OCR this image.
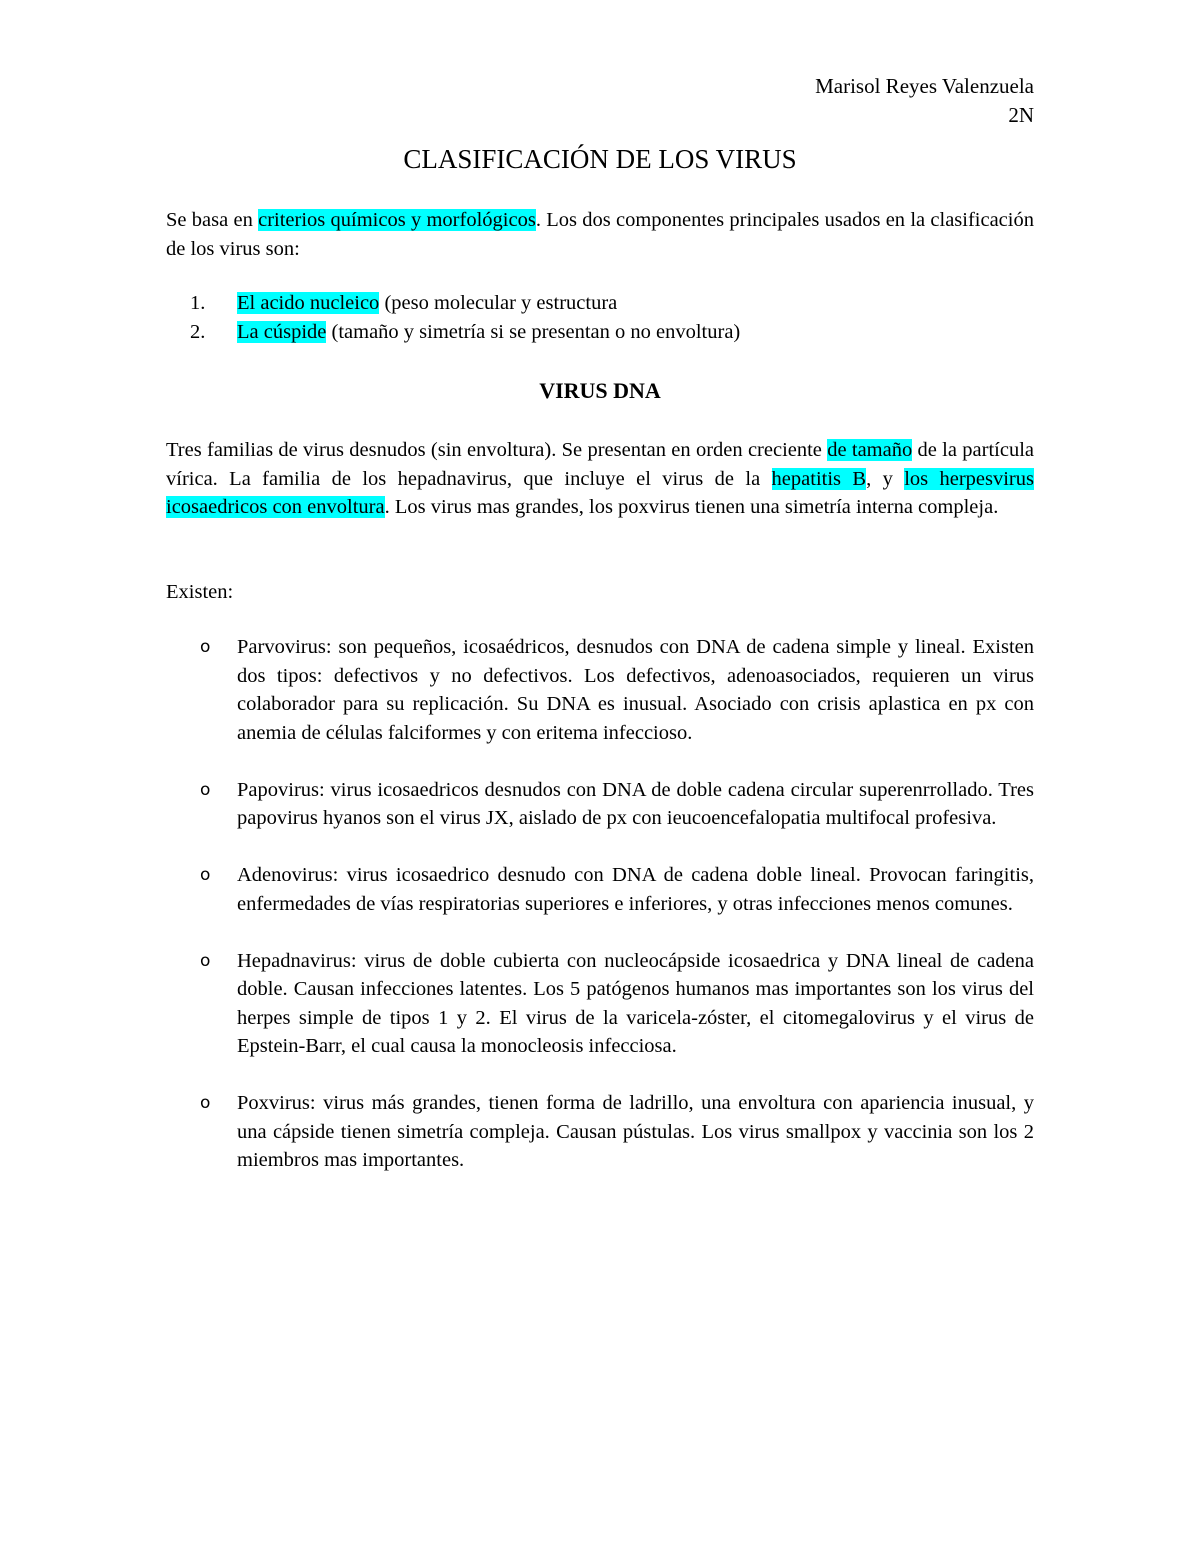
Marisol Reyes Valenzuela
2N
CLASIFICACIÓN DE LOS VIRUS
Se basa en criterios químicos y morfológicos. Los dos componentes principales usados en la clasificación de los virus son:
1.	El acido nucleico (peso molecular y estructura
2.	La cúspide (tamaño y simetría si se presentan o no envoltura)
VIRUS DNA
Tres familias de virus desnudos (sin envoltura). Se presentan en orden creciente de tamaño de la partícula vírica. La familia de los hepadnavirus, que incluye el virus de la hepatitis B, y los herpesvirus icosaedricos con envoltura. Los virus mas grandes, los poxvirus tienen una simetría interna compleja.
Existen:
o Parvovirus: son pequeños, icosaédricos, desnudos con DNA de cadena simple y lineal. Existen dos tipos: defectivos y no defectivos. Los defectivos, adenoasociados, requieren un virus colaborador para su replicación. Su DNA es inusual. Asociado con crisis aplastica en px con anemia de células falciformes y con eritema infeccioso.
o Papovirus: virus icosaedricos desnudos con DNA de doble cadena circular superenrrollado. Tres papovirus hyanos son el virus JX, aislado de px con ieucoencefalopatia multifocal profesiva.
o Adenovirus: virus icosaedrico desnudo con DNA de cadena doble lineal. Provocan faringitis, enfermedades de vías respiratorias superiores e inferiores, y otras infecciones menos comunes.
o Hepadnavirus: virus de doble cubierta con nucleocápside icosaedrica y DNA lineal de cadena doble. Causan infecciones latentes. Los 5 patógenos humanos mas importantes son los virus del herpes simple de tipos 1 y 2. El virus de la varicela-zóster, el citomegalovirus y el virus de Epstein-Barr, el cual causa la monocleosis infecciosa.
o Poxvirus: virus más grandes, tienen forma de ladrillo, una envoltura con apariencia inusual, y una cápside tienen simetría compleja. Causan pústulas. Los virus smallpox y vaccinia son los 2 miembros mas importantes.
